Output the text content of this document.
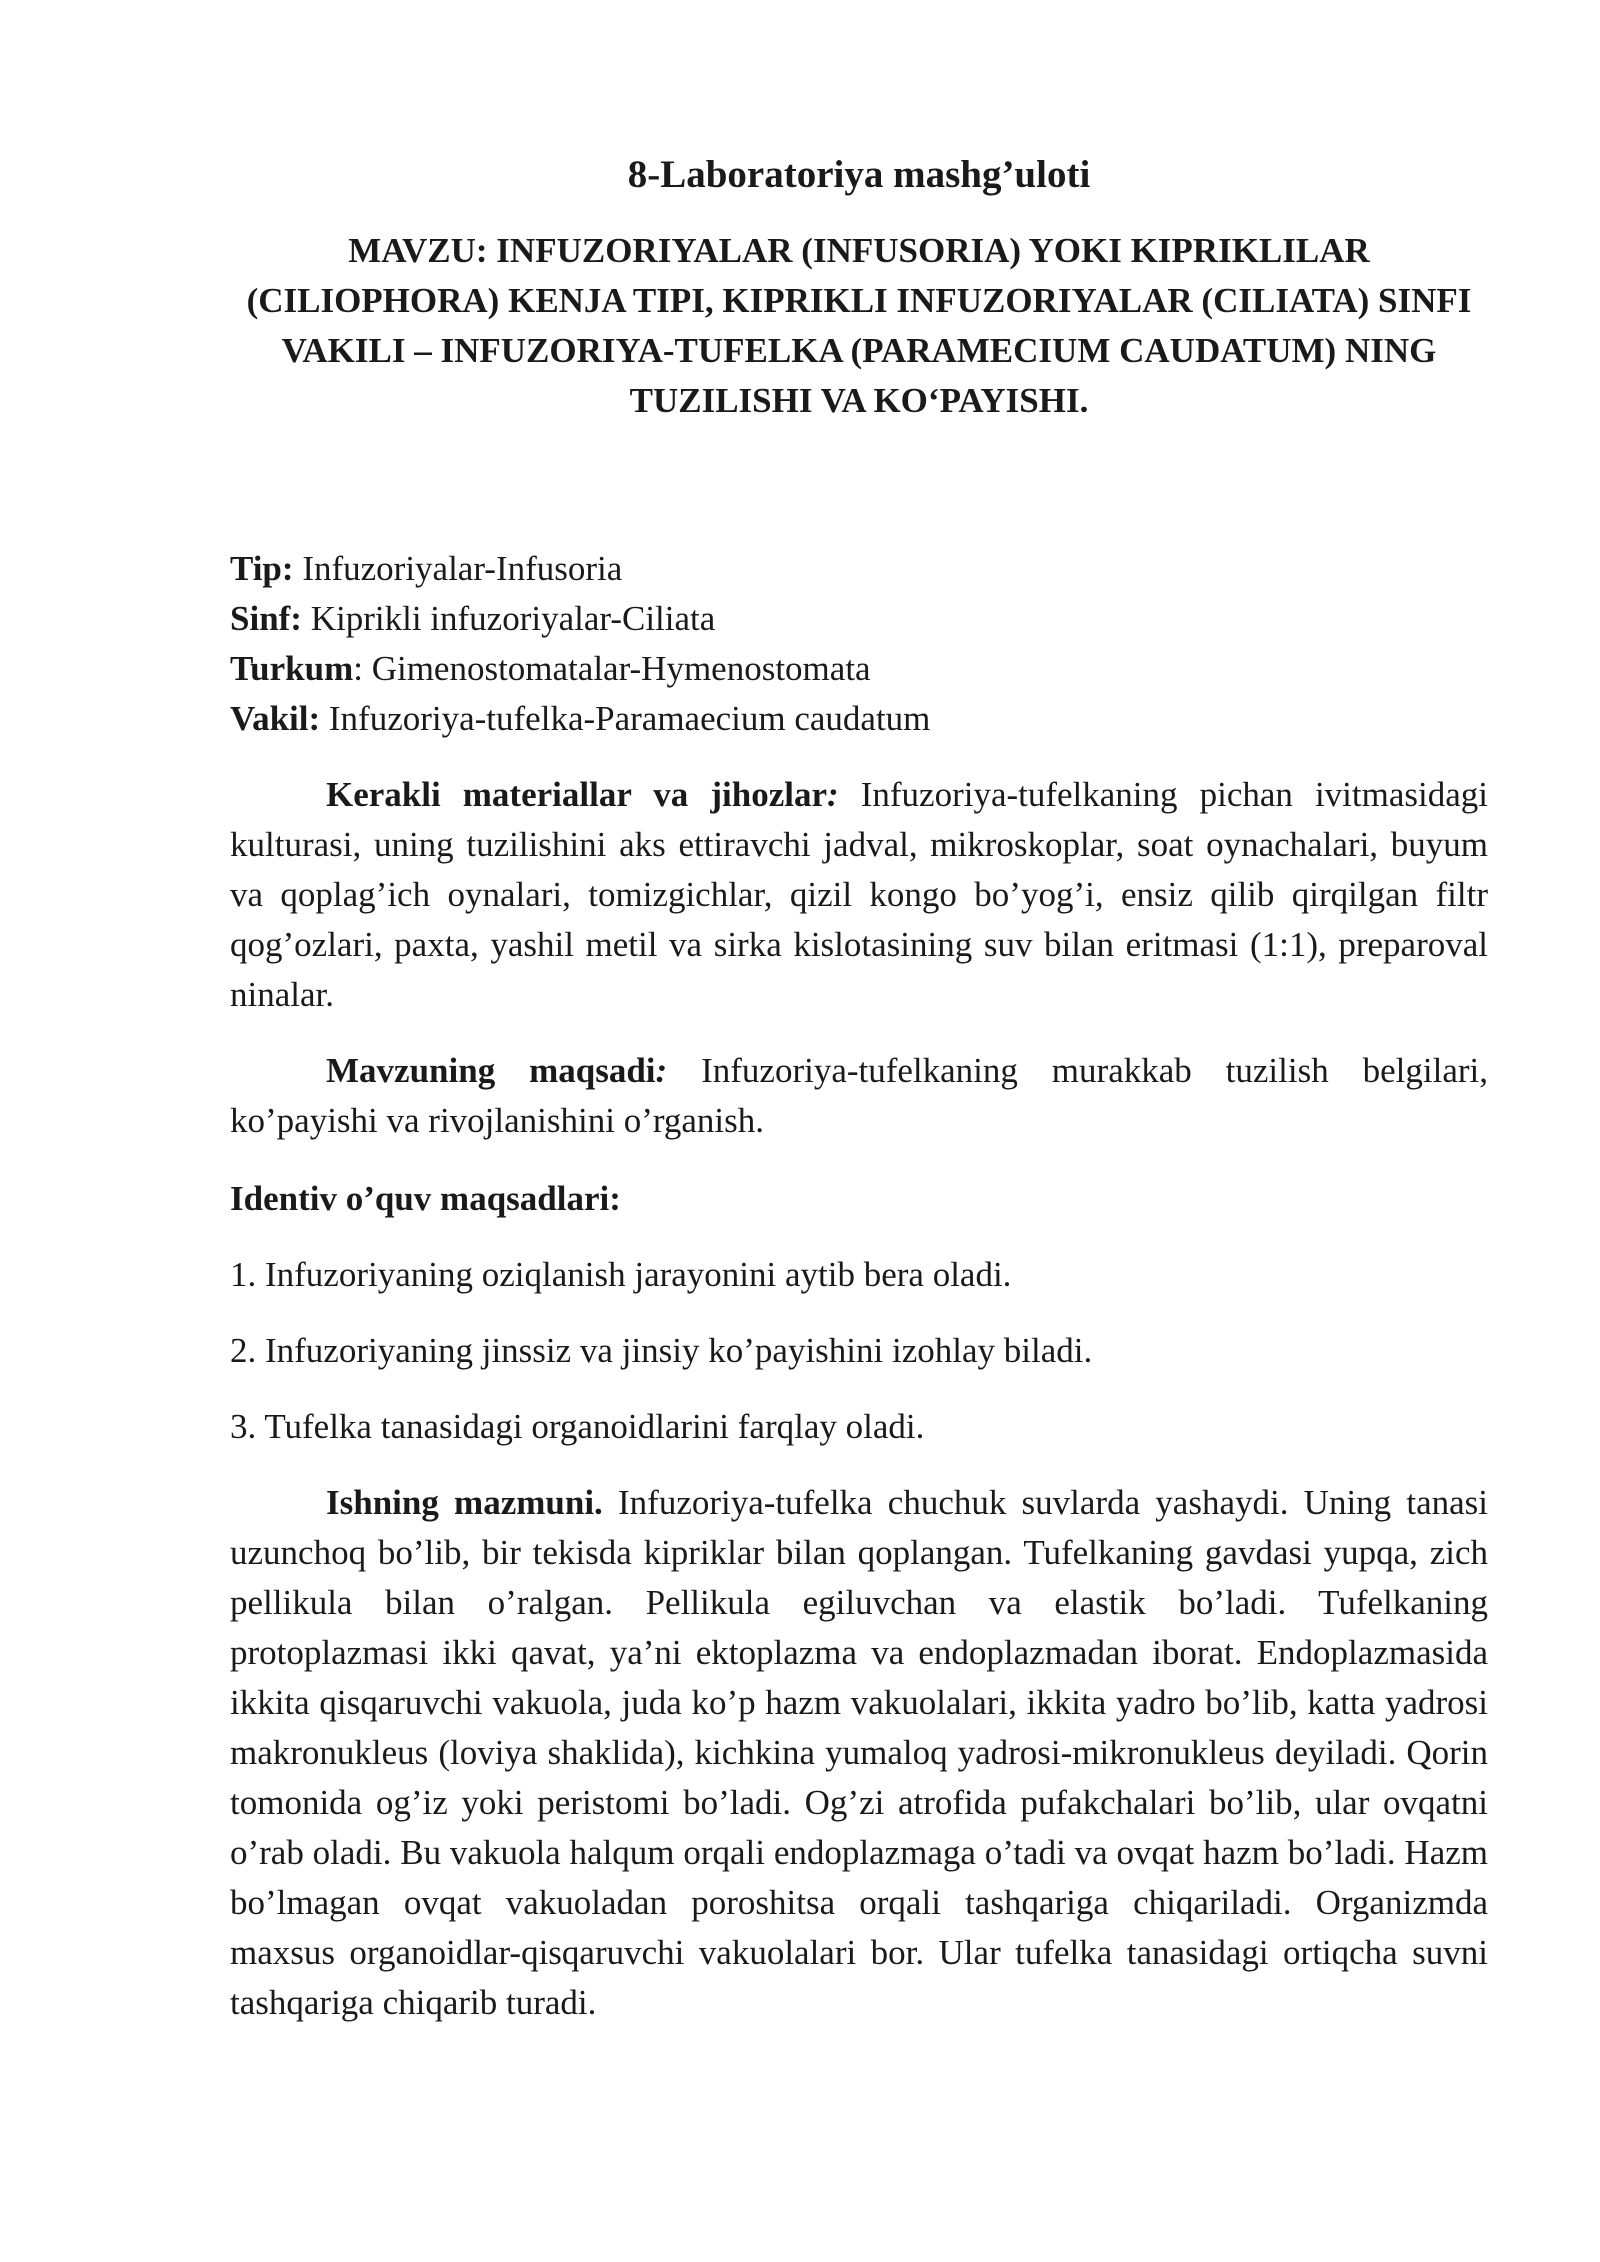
8-Laboratoriya mashg’uloti

MAVZU: INFUZORIYALAR (INFUSORIA) YOKI KIPRIKLILAR (CILIOPHORA) KENJA TIPI, KIPRIKLI INFUZORIYALAR (CILIATA) SINFI VAKILI – INFUZORIYA-TUFELKA (PARAMECIUM CAUDATUM) NING TUZILISHI VA KO‘PAYISHI.

Tip: Infuzoriyalar-Infusoria
Sinf: Kiprikli infuzoriyalar-Ciliata
Turkum: Gimenostomatalar-Hymenostomata
Vakil: Infuzoriya-tufelka-Paramaecium caudatum

Kerakli materiallar va jihozlar: Infuzoriya-tufelkaning pichan ivitmasidagi kulturasi, uning tuzilishini aks ettiravchi jadval, mikroskoplar, soat oynachalari, buyum va qoplag’ich oynalari, tomizgichlar, qizil kongo bo’yog’i, ensiz qilib qirqilgan filtr qog’ozlari, paxta, yashil metil va sirka kislotasining suv bilan eritmasi (1:1), preparoval ninalar.

Mavzuning maqsadi: Infuzoriya-tufelkaning murakkab tuzilish belgilari, ko’payishi va rivojlanishini o’rganish.

Identiv o’quv maqsadlari:

1. Infuzoriyaning oziqlanish jarayonini aytib bera oladi.

2. Infuzoriyaning jinssiz va jinsiy ko’payishini izohlay biladi.

3. Tufelka tanasidagi organoidlarini farqlay oladi.

Ishning mazmuni. Infuzoriya-tufelka chuchuk suvlarda yashaydi. Uning tanasi uzunchoq bo’lib, bir tekisda kipriklar bilan qoplangan. Tufelkaning gavdasi yupqa, zich pellikula bilan o’ralgan. Pellikula egiluvchan va elastik bo’ladi. Tufelkaning protoplazmasi ikki qavat, ya’ni ektoplazma va endoplazmadan iborat. Endoplazmasida ikkita qisqaruvchi vakuola, juda ko’p hazm vakuolalari, ikkita yadro bo’lib, katta yadrosi makronukleus (loviya shaklida), kichkina yumaloq yadrosi-mikronukleus deyiladi. Qorin tomonida og’iz yoki peristomi bo’ladi. Og’zi atrofida pufakchalari bo’lib, ular ovqatni o’rab oladi. Bu vakuola halqum orqali endoplazmaga o’tadi va ovqat hazm bo’ladi. Hazm bo’lmagan ovqat vakuoladan poroshitsa orqali tashqariga chiqariladi. Organizmda maxsus organoidlar-qisqaruvchi vakuolalari bor. Ular tufelka tanasidagi ortiqcha suvni tashqariga chiqarib turadi.
